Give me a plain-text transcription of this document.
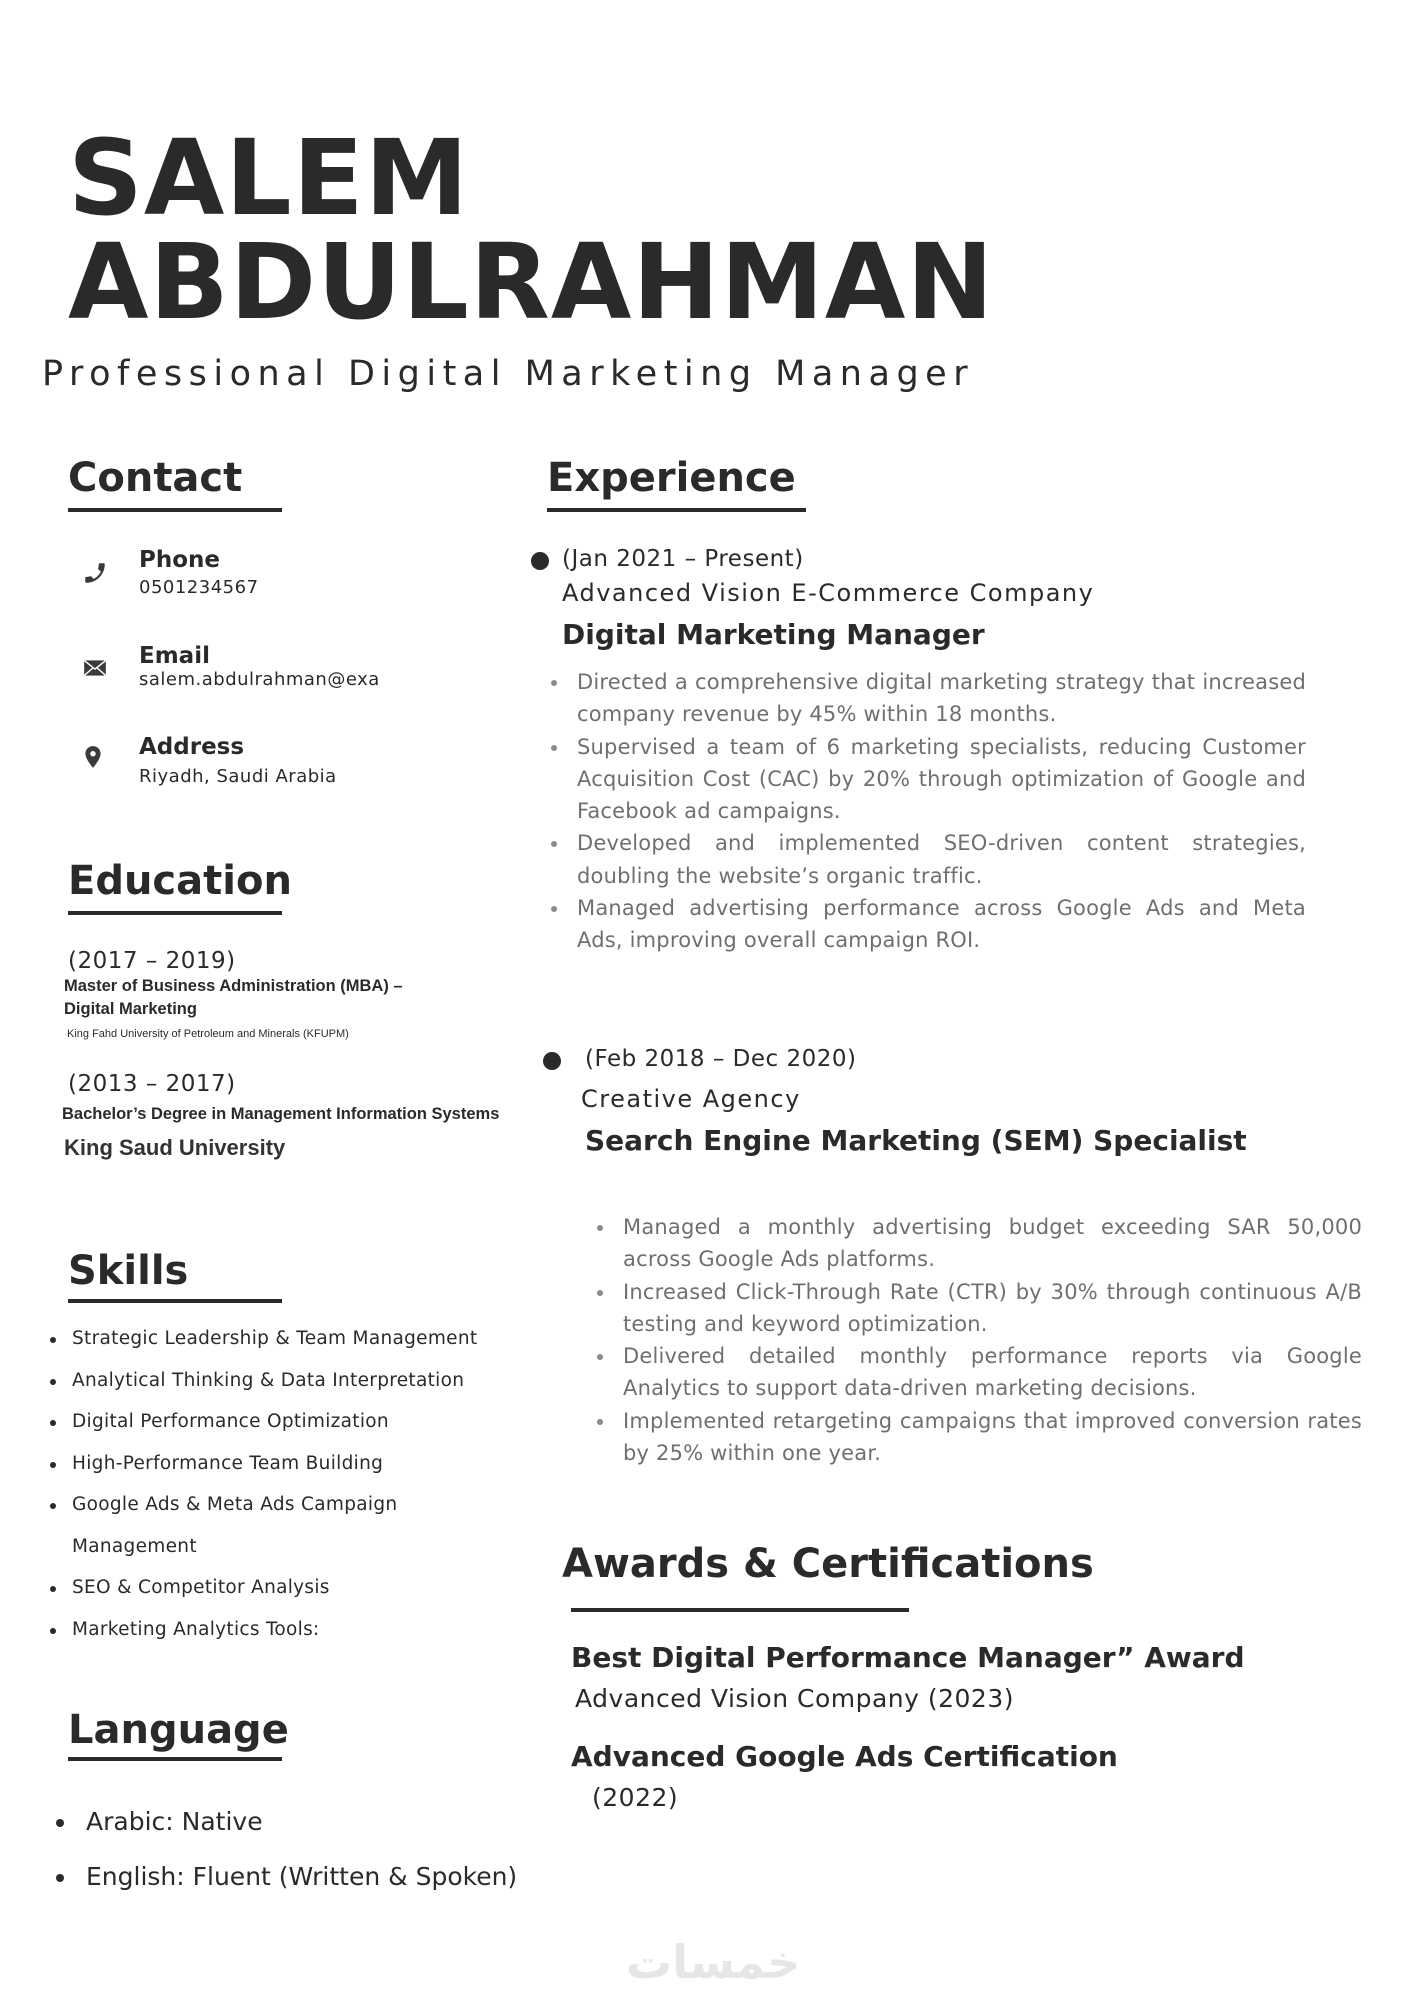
SALEM
ABDULRAHMAN
Professional Digital Marketing Manager
Contact
Phone
0501234567
Email
salem.abdulrahman@exa
Address
Riyadh, Saudi Arabia
Education
(2017 – 2019)
Master of Business Administration (MBA) –
Digital Marketing
King Fahd University of Petroleum and Minerals (KFUPM)
(2013 – 2017)
Bachelor’s Degree in Management Information Systems
King Saud University
Skills
Strategic Leadership & Team Management
Analytical Thinking & Data Interpretation
Digital Performance Optimization
High-Performance Team Building
Google Ads & Meta Ads Campaign
Management
SEO & Competitor Analysis
Marketing Analytics Tools:
Language
Arabic: Native
English: Fluent (Written & Spoken)
Experience
(Jan 2021 – Present)
Advanced Vision E-Commerce Company
Digital Marketing Manager
Directed a comprehensive digital marketing strategy that increased company revenue by 45% within 18 months.
Supervised a team of 6 marketing specialists, reducing Customer Acquisition Cost (CAC) by 20% through optimization of Google and Facebook ad campaigns.
Developed and implemented SEO-driven content strategies, doubling the website’s organic traffic.
Managed advertising performance across Google Ads and Meta Ads, improving overall campaign ROI.
(Feb 2018 – Dec 2020)
Creative Agency
Search Engine Marketing (SEM) Specialist
Managed a monthly advertising budget exceeding SAR 50,000 across Google Ads platforms.
Increased Click-Through Rate (CTR) by 30% through continuous A/B testing and keyword optimization.
Delivered detailed monthly performance reports via Google Analytics to support data-driven marketing decisions.
Implemented retargeting campaigns that improved conversion rates by 25% within one year.
Awards & Certifications
Best Digital Performance Manager” Award
Advanced Vision Company (2023)
Advanced Google Ads Certification
(2022)
خمسات
